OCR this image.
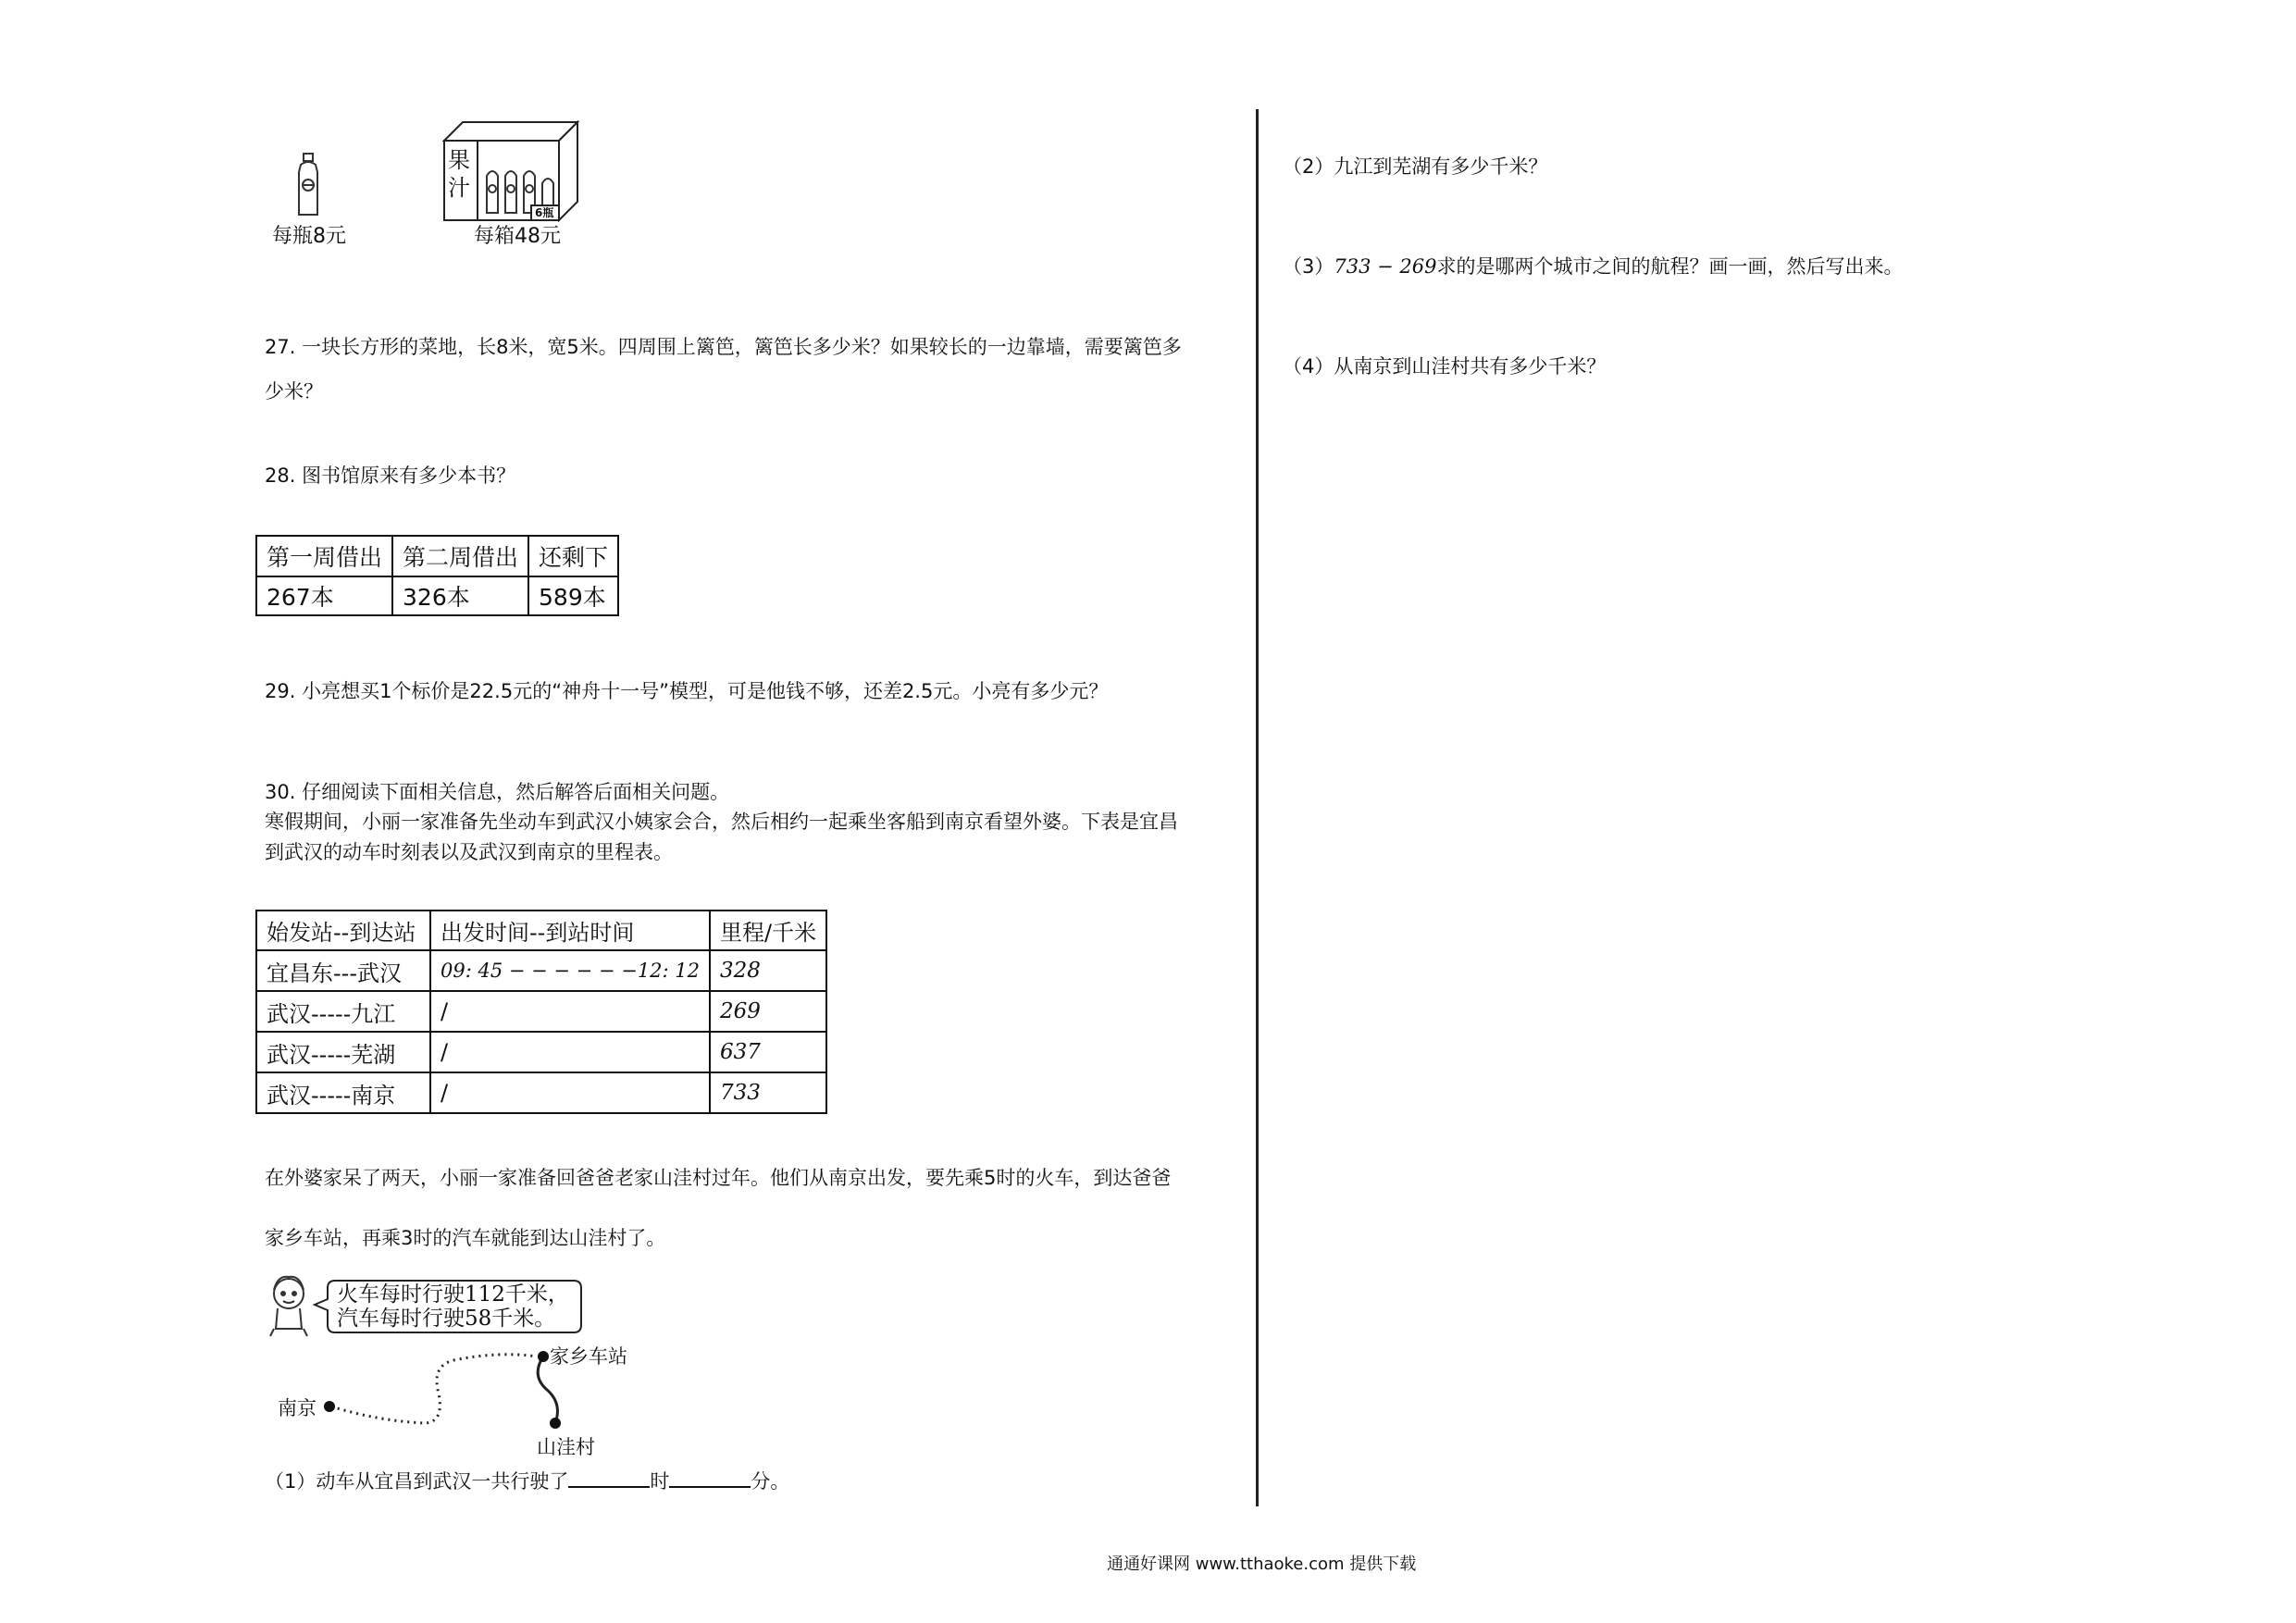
每瓶8元
果汁
6瓶
每箱48元
27. 一块长方形的菜地，长8米，宽5米。四周围上篱笆，篱笆长多少米？如果较长的一边靠墙，需要篱笆多
少米？
28. 图书馆原来有多少本书？
第一周借出	第二周借出	还剩下
267本	326本	589本
29. 小亮想买1个标价是22.5元的“神舟十一号”模型，可是他钱不够，还差2.5元。小亮有多少元？
30. 仔细阅读下面相关信息，然后解答后面相关问题。
寒假期间，小丽一家准备先坐动车到武汉小姨家会合，然后相约一起乘坐客船到南京看望外婆。下表是宜昌
到武汉的动车时刻表以及武汉到南京的里程表。
始发站--到达站	出发时间--到站时间	里程/千米
宜昌东---武汉	09: 45 − − − − − −12: 12	328
武汉-----九江	/	269
武汉-----芜湖	/	637
武汉-----南京	/	733
在外婆家呆了两天，小丽一家准备回爸爸老家山洼村过年。他们从南京出发，要先乘5时的火车，到达爸爸
家乡车站，再乘3时的汽车就能到达山洼村了。
火车每时行驶112千米，
汽车每时行驶58千米。
南京
家乡车站
山洼村
（1）动车从宜昌到武汉一共行驶了	时	分。
（2）九江到芜湖有多少千米？
（3）733 − 269求的是哪两个城市之间的航程？画一画，然后写出来。
（4）从南京到山洼村共有多少千米？
通通好课网 www.tthaoke.com 提供下载
